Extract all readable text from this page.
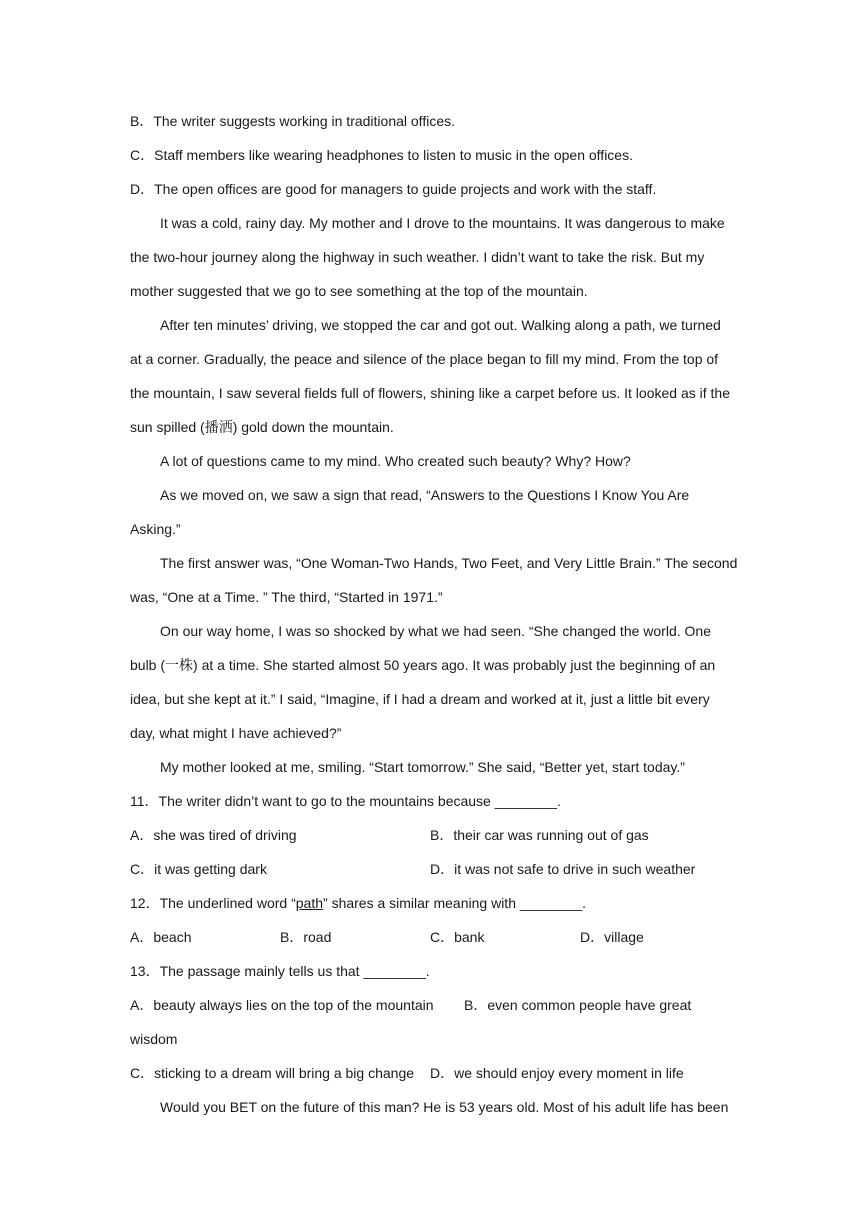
B．The writer suggests working in traditional offices.
C．Staff members like wearing headphones to listen to music in the open offices.
D．The open offices are good for managers to guide projects and work with the staff.
It was a cold, rainy day. My mother and I drove to the mountains. It was dangerous to make
the two-hour journey along the highway in such weather. I didn’t want to take the risk. But my
mother suggested that we go to see something at the top of the mountain.
After ten minutes’ driving, we stopped the car and got out. Walking along a path, we turned
at a corner. Gradually, the peace and silence of the place began to fill my mind. From the top of
the mountain, I saw several fields full of flowers, shining like a carpet before us. It looked as if the
sun spilled (播洒) gold down the mountain.
A lot of questions came to my mind. Who created such beauty? Why? How?
As we moved on, we saw a sign that read, “Answers to the Questions I Know You Are
Asking.”
The first answer was, “One Woman-Two Hands, Two Feet, and Very Little Brain.” The second
was, “One at a Time. ” The third, “Started in 1971.”
On our way home, I was so shocked by what we had seen. “She changed the world. One
bulb (一株) at a time. She started almost 50 years ago. It was probably just the beginning of an
idea, but she kept at it.” I said, “Imagine, if I had a dream and worked at it, just a little bit every
day, what might I have achieved?”
My mother looked at me, smiling. “Start tomorrow.” She said, “Better yet, start today.”
11．The writer didn’t want to go to the mountains because ________.
A．she was tired of driving	B．their car was running out of gas
C．it was getting dark	D．it was not safe to drive in such weather
12．The underlined word “path” shares a similar meaning with ________.
A．beach	B．road	C．bank	D．village
13．The passage mainly tells us that ________.
A．beauty always lies on the top of the mountain	B．even common people have great
wisdom
C．sticking to a dream will bring a big change	D．we should enjoy every moment in life
Would you BET on the future of this man? He is 53 years old. Most of his adult life has been
